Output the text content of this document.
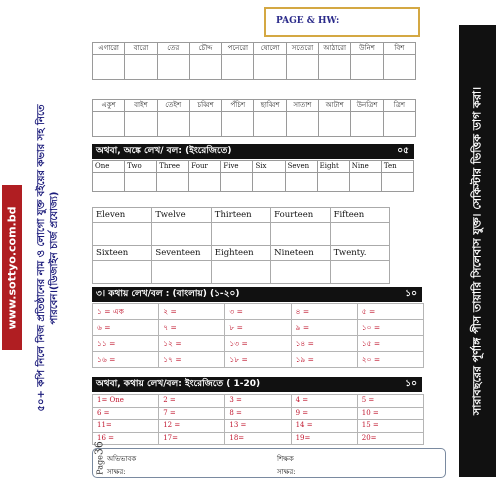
www.sottyo.com.bd ৫০+ কপি নিলে নিজ প্রতিষ্ঠানের নাম ও লোগো যুক্ত বইয়ের কভার সহ নিতে পারবেন।(ডিজাইন চার্জ প্রযোজ্য)	সারাবছরের পূর্ণাঙ্গ পীস তায়ারি সিলেবাস যুক্ত। সেকিস্টার ভিত্তিক ডাগ করা।
PAGE & HW:
এগারো	বারো	তের	চৌদ্দ	পনেরো	ষোলো	সতেরো	আঠারো	উনিশ	বিশ

একুশ	বাইশ	তেইশ	চব্বিশ	পঁচিশ	ছাব্বিশ	সাতাশ	আটাশ	উনত্রিশ	ত্রিশ

অথবা, অঙ্কে লেখ/ বল: (ইংরেজিতে)	০৫
One	Two	Three	Four	Five	Six	Seven	Eight	Nine	Ten

Eleven	Twelve	Thirteen	Fourteen	Fifteen

Sixteen	Seventeen	Eighteen	Nineteen	Twenty.

৩। কথায় লেখ/বল : (বাংলায়) (১-২০)	১০
১ = এক	২ =	৩ =	৪ =	৫ =
৬ =	৭ =	৮ =	৯ =	১০ =
১১ =	১২ =	১৩ =	১৪ =	১৫ =
১৬ =	১৭ =	১৮ =	১৯ =	২০ =
অথবা, কথায় লেখ/বল: ইংরেজিতে ( 1-20)	১০
1= One	2 =	3 =	4 =	5 =
6 =	7 =	8 =	9 =	10 =
11=	12 =	13 =	14 =	15 =
16 =	17=	18=	19=	20=
Page36
অভিভাবক
সাক্ষর:
শিক্ষক
সাক্ষর:
